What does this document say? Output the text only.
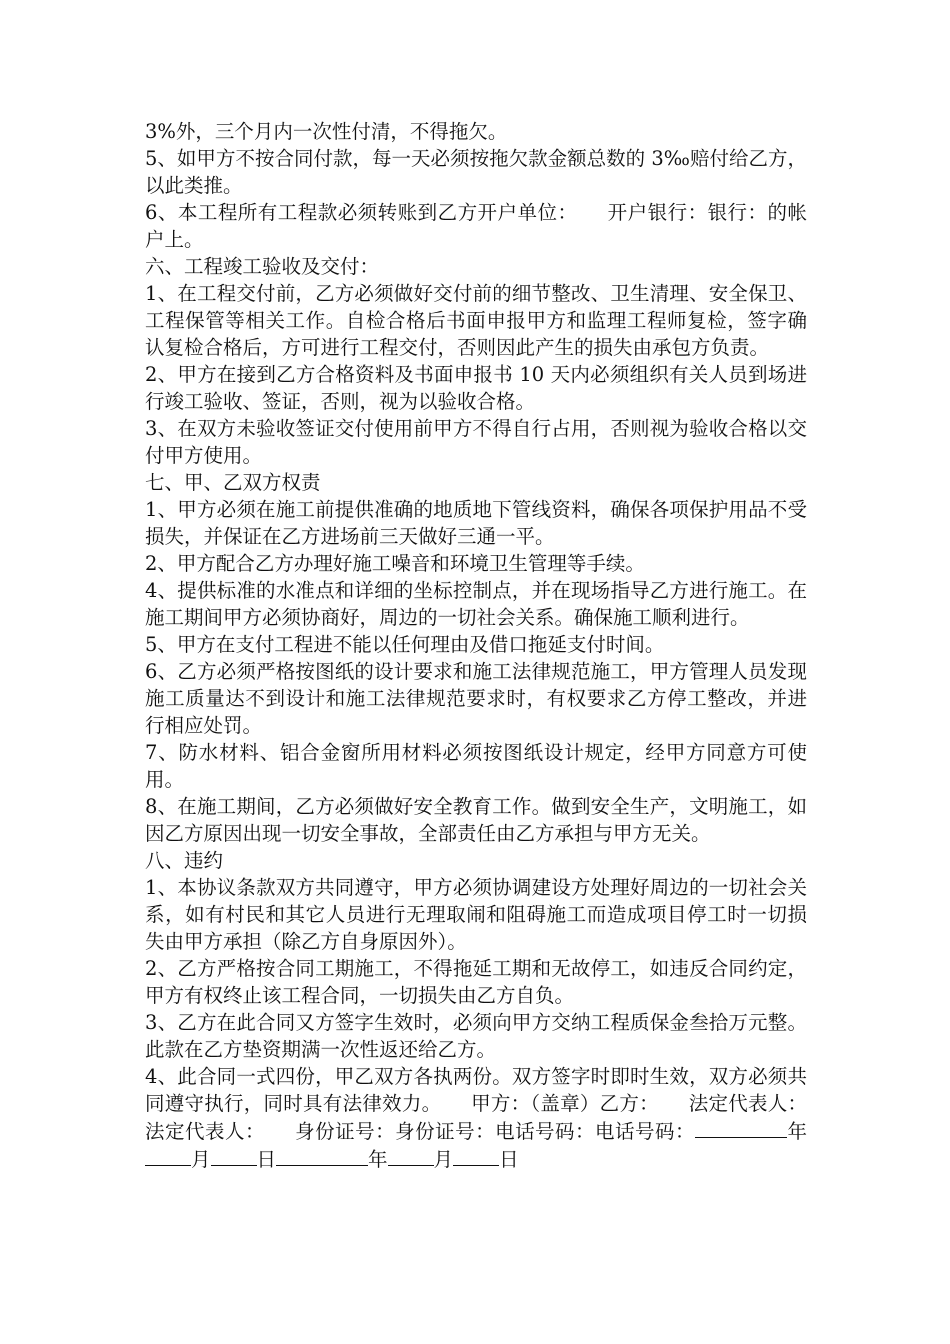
3%外，三个月内一次性付清，不得拖欠。
5、如甲方不按合同付款，每一天必须按拖欠款金额总数的 3‰赔付给乙方，以此类推。
6、本工程所有工程款必须转账到乙方开户单位：　　开户银行：银行：的帐户上。
六、工程竣工验收及交付：
1、在工程交付前，乙方必须做好交付前的细节整改、卫生清理、安全保卫、工程保管等相关工作。自检合格后书面申报甲方和监理工程师复检，签字确认复检合格后，方可进行工程交付，否则因此产生的损失由承包方负责。
2、甲方在接到乙方合格资料及书面申报书 10 天内必须组织有关人员到场进行竣工验收、签证，否则，视为以验收合格。
3、在双方未验收签证交付使用前甲方不得自行占用，否则视为验收合格以交付甲方使用。
七、甲、乙双方权责
1、甲方必须在施工前提供准确的地质地下管线资料，确保各项保护用品不受损失，并保证在乙方进场前三天做好三通一平。
2、甲方配合乙方办理好施工噪音和环境卫生管理等手续。
4、提供标准的水准点和详细的坐标控制点，并在现场指导乙方进行施工。在施工期间甲方必须协商好，周边的一切社会关系。确保施工顺利进行。
5、甲方在支付工程进不能以任何理由及借口拖延支付时间。
6、乙方必须严格按图纸的设计要求和施工法律规范施工，甲方管理人员发现施工质量达不到设计和施工法律规范要求时，有权要求乙方停工整改，并进行相应处罚。
7、防水材料、铝合金窗所用材料必须按图纸设计规定，经甲方同意方可使用。
8、在施工期间，乙方必须做好安全教育工作。做到安全生产，文明施工，如因乙方原因出现一切安全事故，全部责任由乙方承担与甲方无关。
八、违约
1、本协议条款双方共同遵守，甲方必须协调建设方处理好周边的一切社会关系，如有村民和其它人员进行无理取闹和阻碍施工而造成项目停工时一切损失由甲方承担（除乙方自身原因外）。
2、乙方严格按合同工期施工，不得拖延工期和无故停工，如违反合同约定，甲方有权终止该工程合同，一切损失由乙方自负。
3、乙方在此合同又方签字生效时，必须向甲方交纳工程质保金叁拾万元整。此款在乙方垫资期满一次性返还给乙方。
4、此合同一式四份，甲乙双方各执两份。双方签字时即时生效，双方必须共同遵守执行，同时具有法律效力。　　甲方：（盖章）乙方：　　法定代表人：法定代表人：　　身份证号：身份证号：电话号码：电话号码：	年月 日	年 月 日
